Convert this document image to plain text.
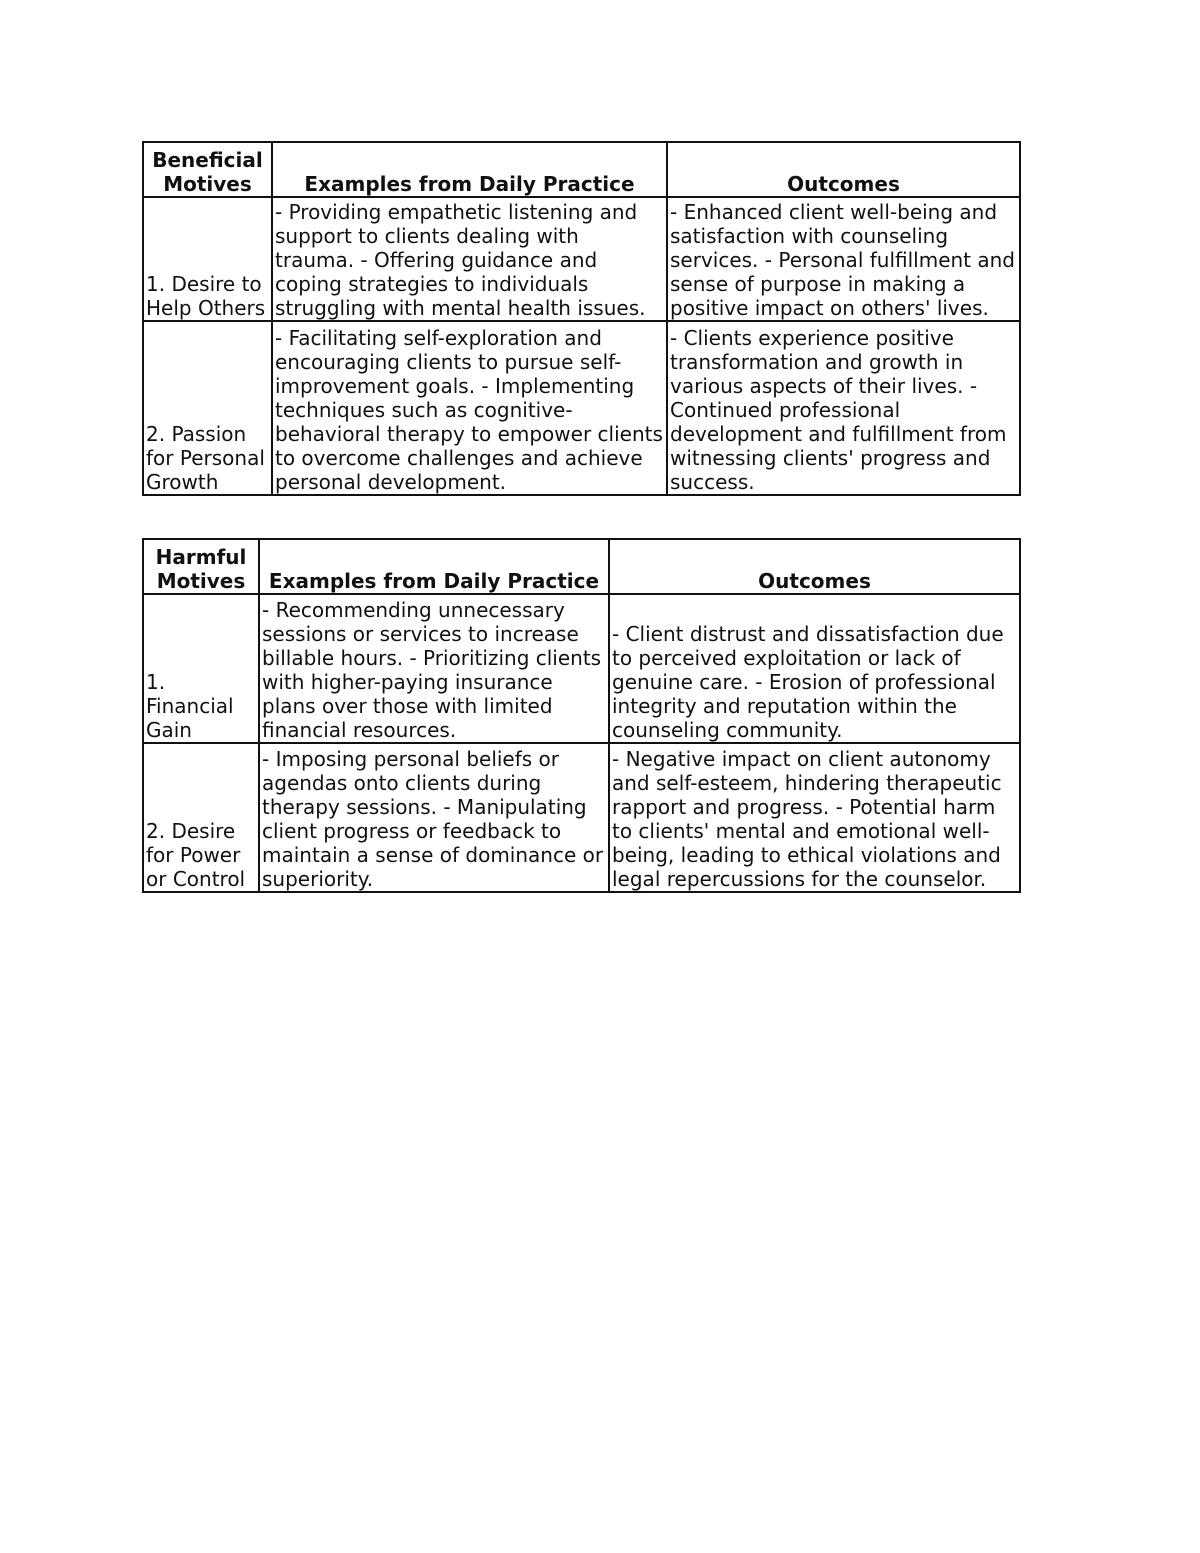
Beneficial Motives	Examples from Daily Practice	Outcomes
1. Desire to Help Others	- Providing empathetic listening and support to clients dealing with trauma. - Offering guidance and coping strategies to individuals struggling with mental health issues.	- Enhanced client well-being and satisfaction with counseling services. - Personal fulfillment and sense of purpose in making a positive impact on others' lives.
2. Passion for Personal Growth	- Facilitating self-exploration and encouraging clients to pursue self-improvement goals. - Implementing techniques such as cognitive-behavioral therapy to empower clients to overcome challenges and achieve personal development.	- Clients experience positive transformation and growth in various aspects of their lives. - Continued professional development and fulfillment from witnessing clients' progress and success.
Harmful Motives	Examples from Daily Practice	Outcomes
1. Financial Gain	- Recommending unnecessary sessions or services to increase billable hours. - Prioritizing clients with higher-paying insurance plans over those with limited financial resources.	- Client distrust and dissatisfaction due to perceived exploitation or lack of genuine care. - Erosion of professional integrity and reputation within the counseling community.
2. Desire for Power or Control	- Imposing personal beliefs or agendas onto clients during therapy sessions. - Manipulating client progress or feedback to maintain a sense of dominance or superiority.	- Negative impact on client autonomy and self-esteem, hindering therapeutic rapport and progress. - Potential harm to clients' mental and emotional well-being, leading to ethical violations and legal repercussions for the counselor.
